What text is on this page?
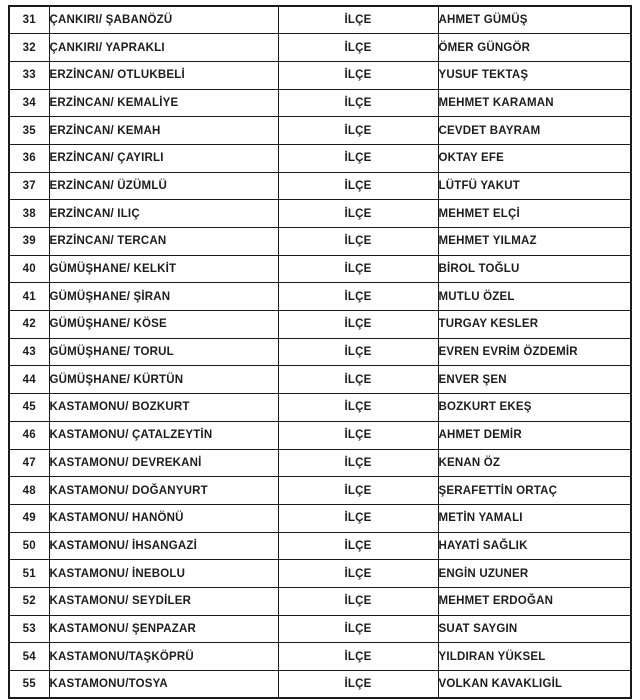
31	ÇANKIRI/ ŞABANÖZÜ	İLÇE	AHMET GÜMÜŞ
32	ÇANKIRI/ YAPRAKLI	İLÇE	ÖMER GÜNGÖR
33	ERZİNCAN/ OTLUKBELİ	İLÇE	YUSUF TEKTAŞ
34	ERZİNCAN/ KEMALİYE	İLÇE	MEHMET KARAMAN
35	ERZİNCAN/ KEMAH	İLÇE	CEVDET BAYRAM
36	ERZİNCAN/ ÇAYIRLI	İLÇE	OKTAY EFE
37	ERZİNCAN/ ÜZÜMLÜ	İLÇE	LÜTFÜ YAKUT
38	ERZİNCAN/ ILIÇ	İLÇE	MEHMET ELÇİ
39	ERZİNCAN/ TERCAN	İLÇE	MEHMET YILMAZ
40	GÜMÜŞHANE/ KELKİT	İLÇE	BİROL TOĞLU
41	GÜMÜŞHANE/ ŞİRAN	İLÇE	MUTLU ÖZEL
42	GÜMÜŞHANE/ KÖSE	İLÇE	TURGAY KESLER
43	GÜMÜŞHANE/ TORUL	İLÇE	EVREN EVRİM ÖZDEMİR
44	GÜMÜŞHANE/ KÜRTÜN	İLÇE	ENVER ŞEN
45	KASTAMONU/ BOZKURT	İLÇE	BOZKURT EKEŞ
46	KASTAMONU/ ÇATALZEYTİN	İLÇE	AHMET DEMİR
47	KASTAMONU/ DEVREKANİ	İLÇE	KENAN ÖZ
48	KASTAMONU/ DOĞANYURT	İLÇE	ŞERAFETTİN ORTAÇ
49	KASTAMONU/ HANÖNÜ	İLÇE	METİN YAMALI
50	KASTAMONU/ İHSANGAZİ	İLÇE	HAYATİ SAĞLIK
51	KASTAMONU/ İNEBOLU	İLÇE	ENGİN UZUNER
52	KASTAMONU/ SEYDİLER	İLÇE	MEHMET ERDOĞAN
53	KASTAMONU/ ŞENPAZAR	İLÇE	SUAT SAYGIN
54	KASTAMONU/TAŞKÖPRÜ	İLÇE	YILDIRAN YÜKSEL
55	KASTAMONU/TOSYA	İLÇE	VOLKAN KAVAKLIGİL
